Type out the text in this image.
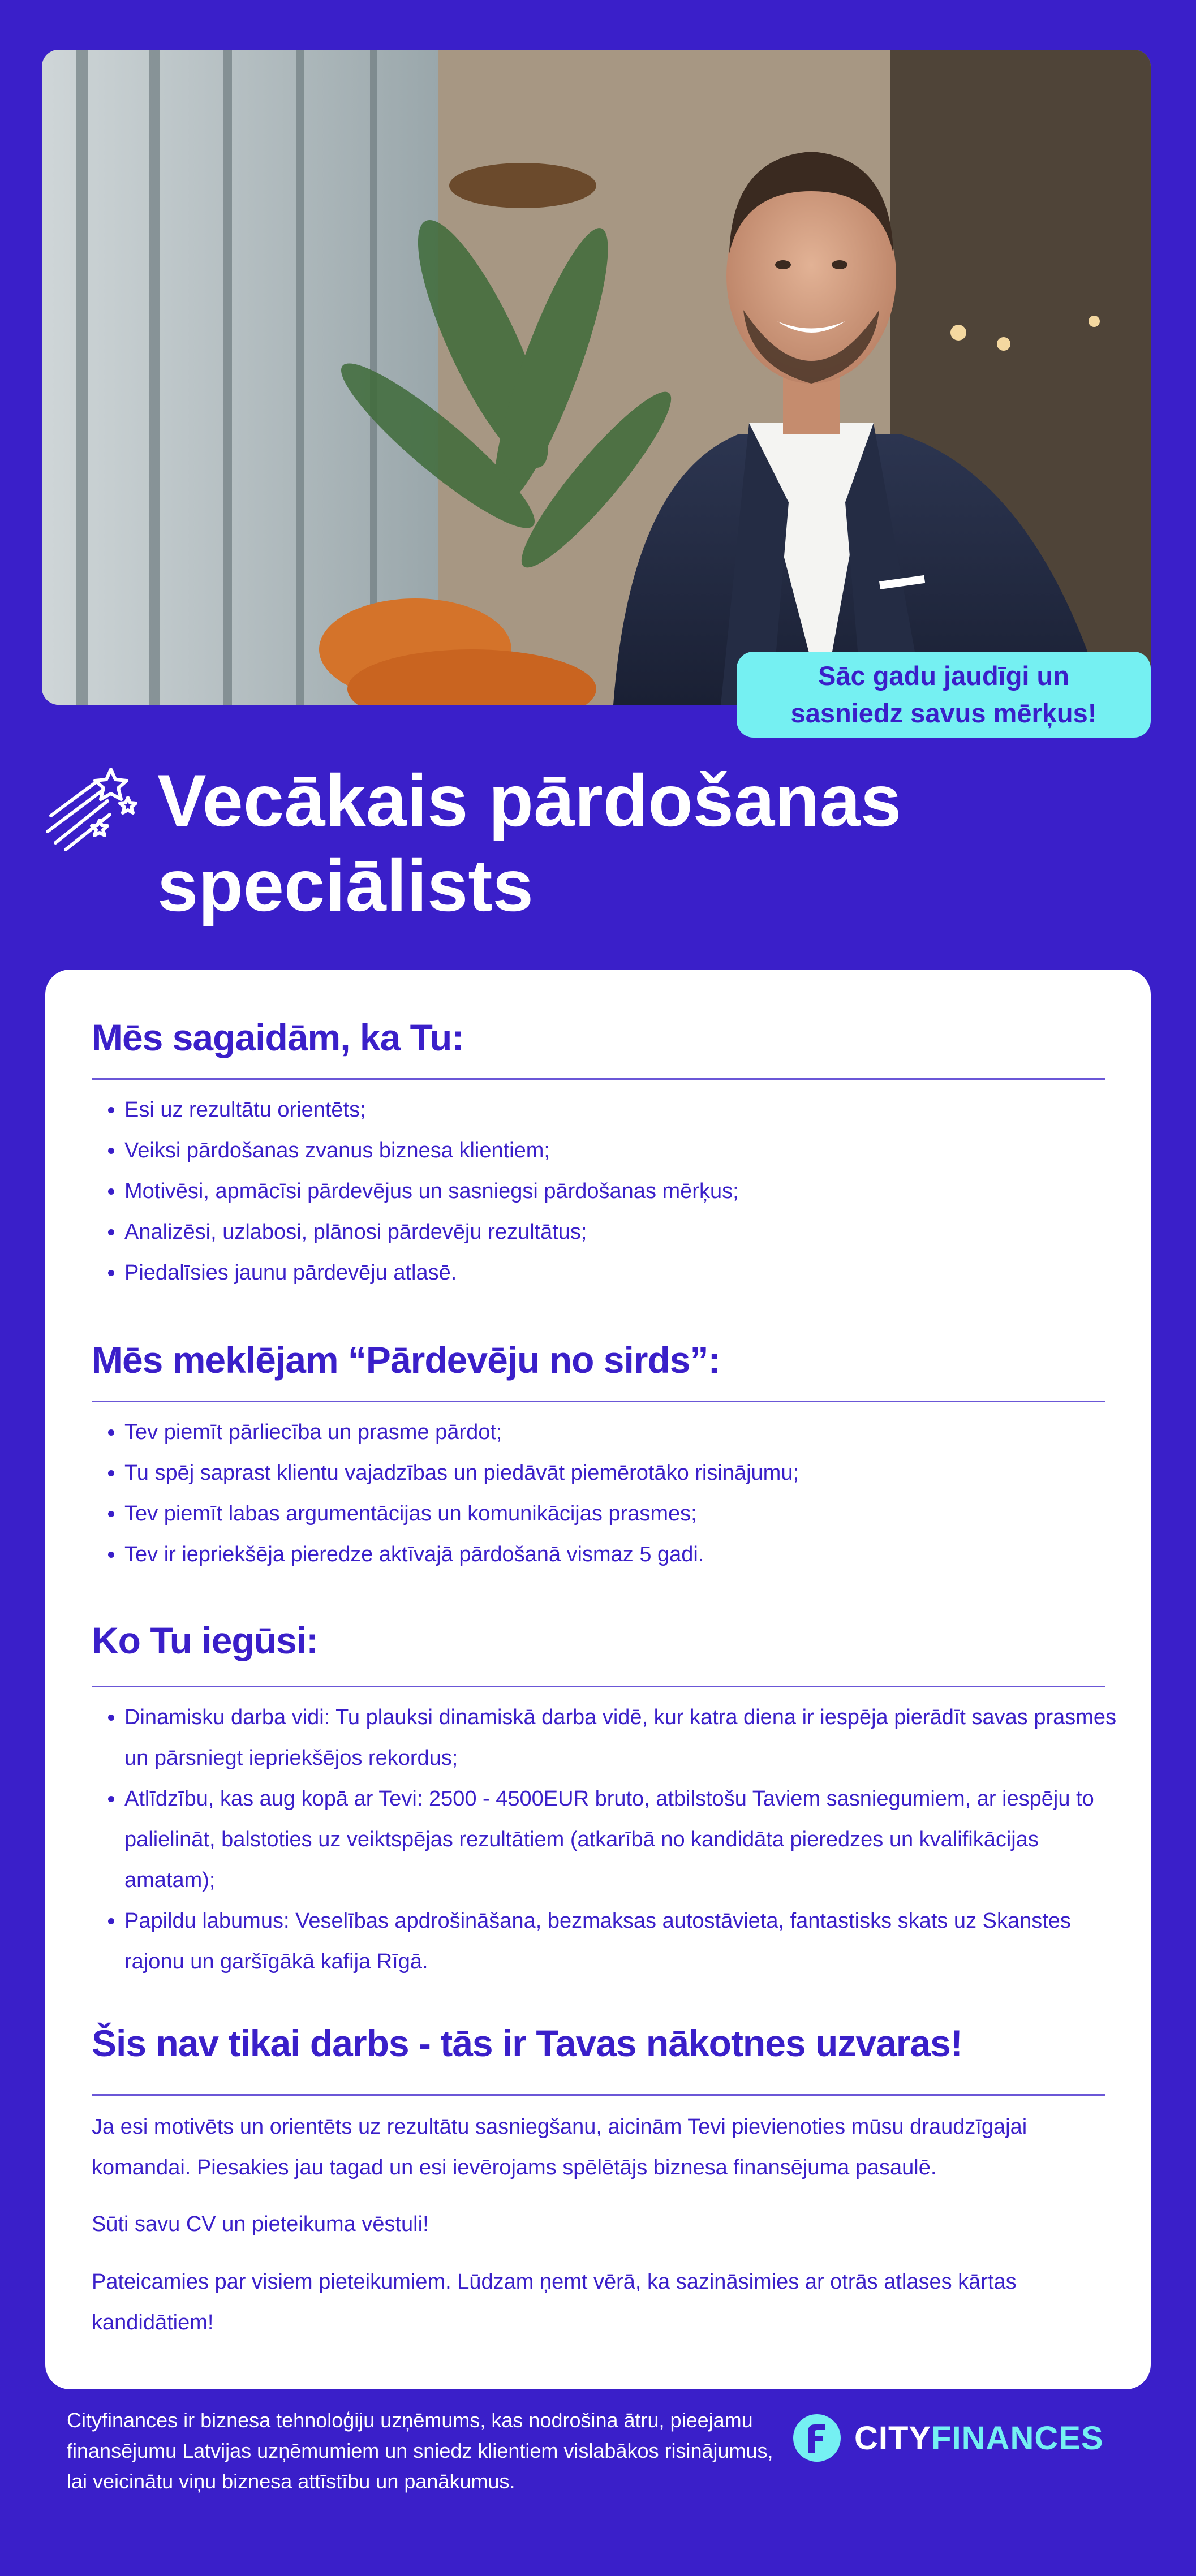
Sāc gadu jaudīgi un sasniedz savus mērķus!
Vecākais pārdošanas speciālists
Mēs sagaidām, ka Tu:
• Esi uz rezultātu orientēts;
• Veiksi pārdošanas zvanus biznesa klientiem;
• Motivēsi, apmācīsi pārdevējus un sasniegsi pārdošanas mērķus;
• Analizēsi, uzlabosi, plānosi pārdevēju rezultātus;
• Piedalīsies jaunu pārdevēju atlasē.
Mēs meklējam “Pārdevēju no sirds”:
• Tev piemīt pārliecība un prasme pārdot;
• Tu spēj saprast klientu vajadzības un piedāvāt piemērotāko risinājumu;
• Tev piemīt labas argumentācijas un komunikācijas prasmes;
• Tev ir iepriekšēja pieredze aktīvajā pārdošanā vismaz 5 gadi.
Ko Tu iegūsi:
• Dinamisku darba vidi: Tu plauksi dinamiskā darba vidē, kur katra diena ir iespēja pierādīt savas prasmes un pārsniegt iepriekšējos rekordus;
• Atlīdzību, kas aug kopā ar Tevi: 2500 - 4500EUR bruto, atbilstošu Taviem sasniegumiem, ar iespēju to palielināt, balstoties uz veiktspējas rezultātiem (atkarībā no kandidāta pieredzes un kvalifikācijas amatam);
• Papildu labumus: Veselības apdrošināšana, bezmaksas autostāvieta, fantastisks skats uz Skanstes rajonu un garšīgākā kafija Rīgā.
Šis nav tikai darbs - tās ir Tavas nākotnes uzvaras!

Ja esi motivēts un orientēts uz rezultātu sasniegšanu, aicinām Tevi pievienoties mūsu draudzīgajai komandai. Piesakies jau tagad un esi ievērojams spēlētājs biznesa finansējuma pasaulē.

Sūti savu CV un pieteikuma vēstuli!

Pateicamies par visiem pieteikumiem. Lūdzam ņemt vērā, ka sazināsimies ar otrās atlases kārtas kandidātiem!

Cityfinances ir biznesa tehnoloģiju uzņēmums, kas nodrošina ātru, pieejamu finansējumu Latvijas uzņēmumiem un sniedz klientiem vislabākos risinājumus, lai veicinātu viņu biznesa attīstību un panākumus.

CITY FINANCES
